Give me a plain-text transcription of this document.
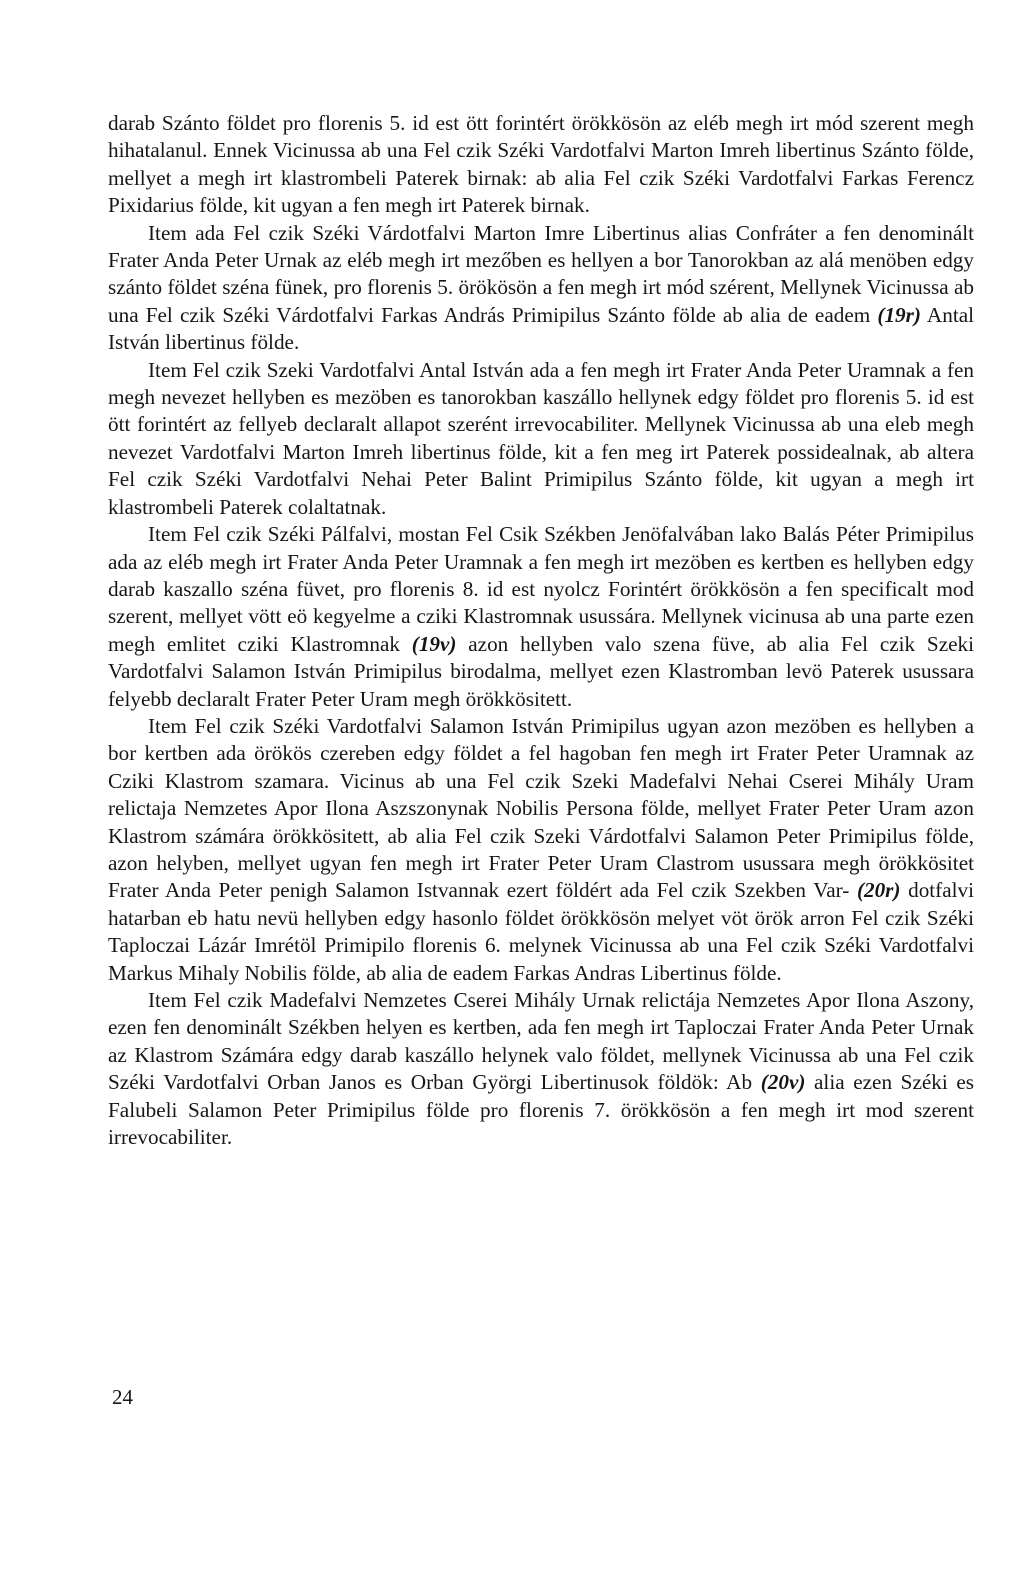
darab Szánto földet pro florenis 5. id est ött forintért örökkösön az eléb megh irt mód szerent megh hihatalanul. Ennek Vicinussa ab una Fel czik Széki Vardotfalvi Marton Imreh libertinus Szánto földe, mellyet a megh irt klastrombeli Paterek birnak: ab alia Fel czik Széki Vardotfalvi Farkas Ferencz Pixidarius földe, kit ugyan a fen megh irt Paterek birnak.

Item ada Fel czik Széki Várdotfalvi Marton Imre Libertinus alias Confráter a fen denominált Frater Anda Peter Urnak az eléb megh irt mezőben es hellyen a bor Tanorokban az alá menöben edgy szánto földet széna fünek, pro florenis 5. örökösön a fen megh irt mód szérent, Mellynek Vicinussa ab una Fel czik Széki Várdotfalvi Farkas András Primipilus Szánto földe ab alia de eadem (19r) Antal István libertinus földe.

Item Fel czik Szeki Vardotfalvi Antal István ada a fen megh irt Frater Anda Peter Uramnak a fen megh nevezet hellyben es mezöben es tanorokban kaszállo hellynek edgy földet pro florenis 5. id est ött forintért az fellyeb declaralt allapot szerént irrevocabiliter. Mellynek Vicinussa ab una eleb megh nevezet Vardotfalvi Marton Imreh libertinus földe, kit a fen meg irt Paterek possidealnak, ab altera Fel czik Széki Vardotfalvi Nehai Peter Balint Primipilus Szánto földe, kit ugyan a megh irt klastrombeli Paterek colaltatnak.

Item Fel czik Széki Pálfalvi, mostan Fel Csik Székben Jenöfalvában lako Balás Péter Primipilus ada az eléb megh irt Frater Anda Peter Uramnak a fen megh irt mezöben es kertben es hellyben edgy darab kaszallo széna füvet, pro florenis 8. id est nyolcz Forintért örökkösön a fen specificalt mod szerent, mellyet vött eö kegyelme a cziki Klastromnak usussára. Mellynek vicinusa ab una parte ezen megh emlitet cziki Klastromnak (19v) azon hellyben valo szena füve, ab alia Fel czik Szeki Vardotfalvi Salamon István Primipilus birodalma, mellyet ezen Klastromban levö Paterek usussara felyebb declaralt Frater Peter Uram megh örökkösitett.

Item Fel czik Széki Vardotfalvi Salamon István Primipilus ugyan azon mezöben es hellyben a bor kertben ada örökös czereben edgy földet a fel hagoban fen megh irt Frater Peter Uramnak az Cziki Klastrom szamara. Vicinus ab una Fel czik Szeki Madefalvi Nehai Cserei Mihály Uram relictaja Nemzetes Apor Ilona Aszszonynak Nobilis Persona földe, mellyet Frater Peter Uram azon Klastrom számára örökkösitett, ab alia Fel czik Szeki Várdotfalvi Salamon Peter Primipilus földe, azon helyben, mellyet ugyan fen megh irt Frater Peter Uram Clastrom usussara megh örökkösitet Frater Anda Peter penigh Salamon Istvannak ezert földért ada Fel czik Szekben Var- (20r) dotfalvi hatarban eb hatu nevü hellyben edgy hasonlo földet örökkösön melyet vöt örök arron Fel czik Széki Taploczai Lázár Imrétöl Primipilo florenis 6. melynek Vicinussa ab una Fel czik Széki Vardotfalvi Markus Mihaly Nobilis földe, ab alia de eadem Farkas Andras Libertinus földe.

Item Fel czik Madefalvi Nemzetes Cserei Mihály Urnak relictája Nemzetes Apor Ilona Aszony, ezen fen denominált Székben helyen es kertben, ada fen megh irt Taploczai Frater Anda Peter Urnak az Klastrom Számára edgy darab kaszállo helynek valo földet, mellynek Vicinussa ab una Fel czik Széki Vardotfalvi Orban Janos es Orban Györgi Libertinusok földök: Ab (20v) alia ezen Széki es Falubeli Salamon Peter Primipilus földe pro florenis 7. örökkösön a fen megh irt mod szerent irrevocabiliter.

24
